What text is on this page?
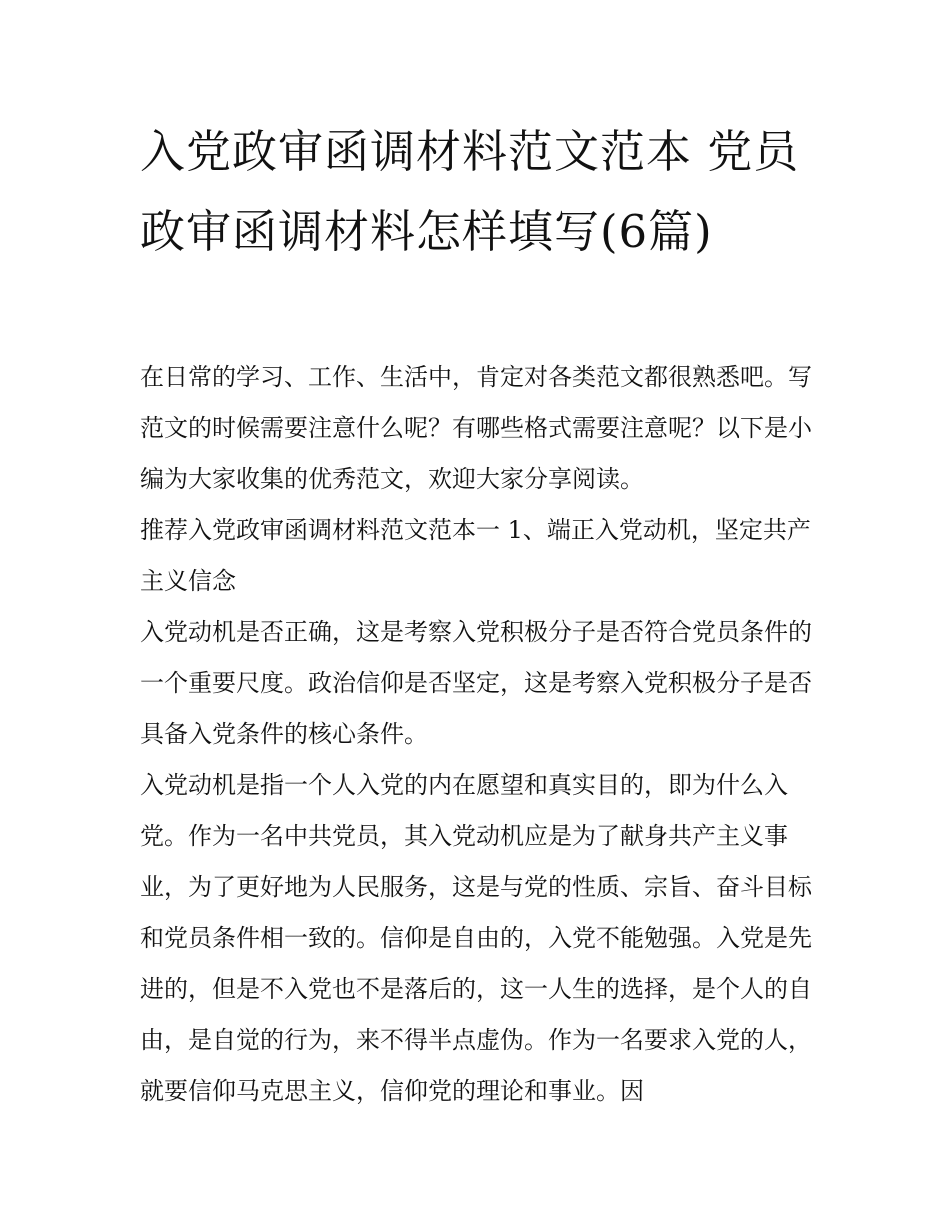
入党政审函调材料范文范本 党员政审函调材料怎样填写(6篇)

在日常的学习、工作、生活中，肯定对各类范文都很熟悉吧。写范文的时候需要注意什么呢？有哪些格式需要注意呢？以下是小编为大家收集的优秀范文，欢迎大家分享阅读。

推荐入党政审函调材料范文范本一 1、端正入党动机，坚定共产主义信念

入党动机是否正确，这是考察入党积极分子是否符合党员条件的一个重要尺度。政治信仰是否坚定，这是考察入党积极分子是否具备入党条件的核心条件。

入党动机是指一个人入党的内在愿望和真实目的，即为什么入党。作为一名中共党员，其入党动机应是为了献身共产主义事业，为了更好地为人民服务，这是与党的性质、宗旨、奋斗目标和党员条件相一致的。信仰是自由的，入党不能勉强。入党是先进的，但是不入党也不是落后的，这一人生的选择，是个人的自由，是自觉的行为，来不得半点虚伪。作为一名要求入党的人，就要信仰马克思主义，信仰党的理论和事业。因
